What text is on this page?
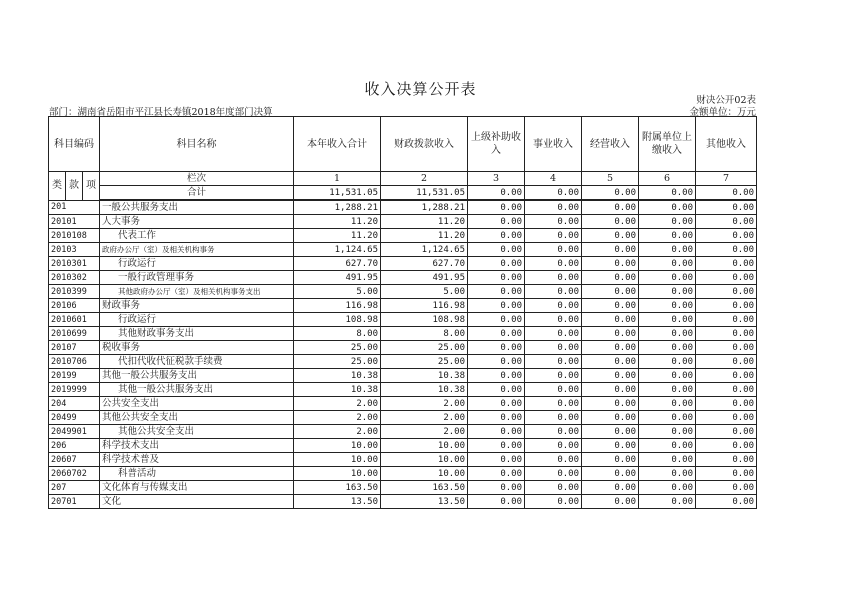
收入决算公开表
财决公开02表
部门：湖南省岳阳市平江县长寿镇2018年度部门决算	金额单位：万元
科目编码			科目名称	本年收入合计	财政拨款收入	上级补助收入	事业收入	经营收入	附属单位上缴收入	其他收入
类	款	项	栏次	1	2	3	4	5	6	7
			合计	11,531.05	11,531.05	0.00	0.00	0.00	0.00	0.00
201			一般公共服务支出	1,288.21	1,288.21	0.00	0.00	0.00	0.00	0.00
20101			人大事务	11.20	11.20	0.00	0.00	0.00	0.00	0.00
2010108			代表工作	11.20	11.20	0.00	0.00	0.00	0.00	0.00
20103			政府办公厅（室）及相关机构事务	1,124.65	1,124.65	0.00	0.00	0.00	0.00	0.00
2010301			行政运行	627.70	627.70	0.00	0.00	0.00	0.00	0.00
2010302			一般行政管理事务	491.95	491.95	0.00	0.00	0.00	0.00	0.00
2010399			其他政府办公厅（室）及相关机构事务支出	5.00	5.00	0.00	0.00	0.00	0.00	0.00
20106			财政事务	116.98	116.98	0.00	0.00	0.00	0.00	0.00
2010601			行政运行	108.98	108.98	0.00	0.00	0.00	0.00	0.00
2010699			其他财政事务支出	8.00	8.00	0.00	0.00	0.00	0.00	0.00
20107			税收事务	25.00	25.00	0.00	0.00	0.00	0.00	0.00
2010706			代扣代收代征税款手续费	25.00	25.00	0.00	0.00	0.00	0.00	0.00
20199			其他一般公共服务支出	10.38	10.38	0.00	0.00	0.00	0.00	0.00
2019999			其他一般公共服务支出	10.38	10.38	0.00	0.00	0.00	0.00	0.00
204			公共安全支出	2.00	2.00	0.00	0.00	0.00	0.00	0.00
20499			其他公共安全支出	2.00	2.00	0.00	0.00	0.00	0.00	0.00
2049901			其他公共安全支出	2.00	2.00	0.00	0.00	0.00	0.00	0.00
206			科学技术支出	10.00	10.00	0.00	0.00	0.00	0.00	0.00
20607			科学技术普及	10.00	10.00	0.00	0.00	0.00	0.00	0.00
2060702			科普活动	10.00	10.00	0.00	0.00	0.00	0.00	0.00
207			文化体育与传媒支出	163.50	163.50	0.00	0.00	0.00	0.00	0.00
20701			文化	13.50	13.50	0.00	0.00	0.00	0.00	0.00
